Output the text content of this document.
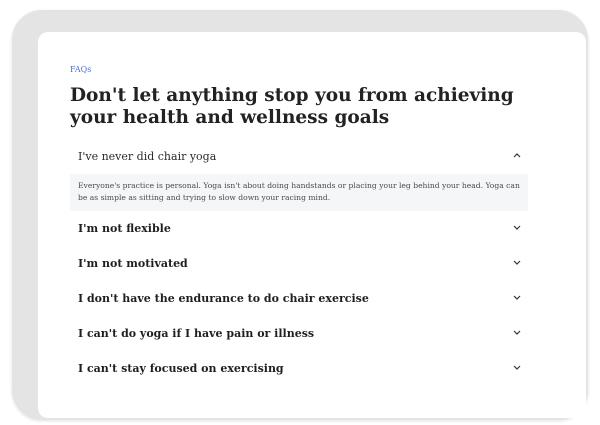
FAQs
Don't let anything stop you from achieving your health and wellness goals
I've never did chair yoga
Everyone's practice is personal. Yoga isn't about doing handstands or placing your leg behind your head. Yoga can be as simple as sitting and trying to slow down your racing mind.
I'm not flexible
I'm not motivated
I don't have the endurance to do chair exercise
I can't do yoga if I have pain or illness
I can't stay focused on exercising
